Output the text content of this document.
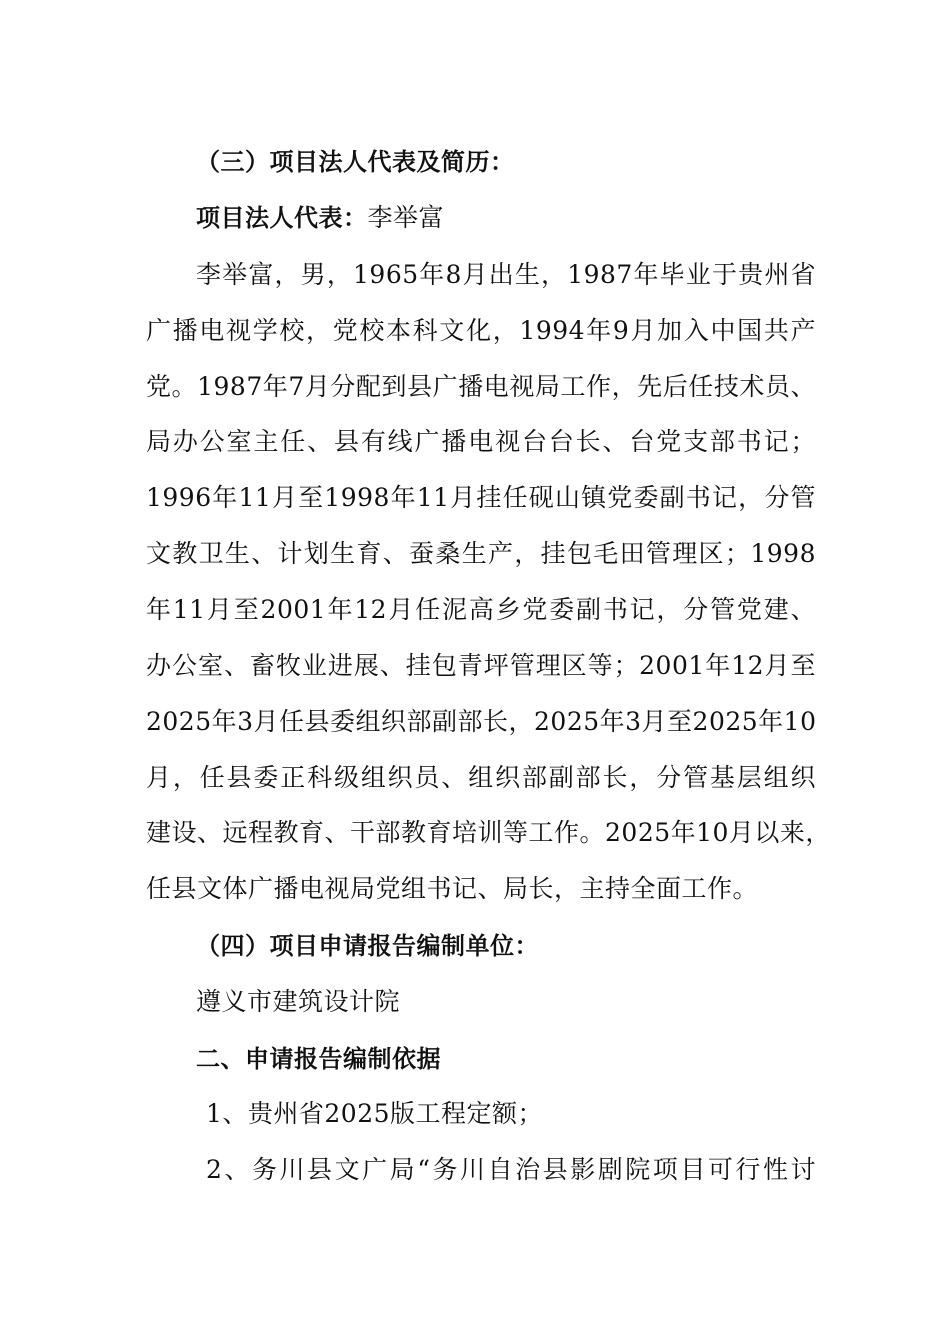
（三）项目法人代表及简历：
项目法人代表：李举富
李举富，男，1965年8月出生，1987年毕业于贵州省
广播电视学校，党校本科文化，1994年9月加入中国共产
党。1987年7月分配到县广播电视局工作，先后任技术员、
局办公室主任、县有线广播电视台台长、台党支部书记；
1996年11月至1998年11月挂任砚山镇党委副书记，分管
文教卫生、计划生育、蚕桑生产，挂包毛田管理区；1998
年11月至2001年12月任泥高乡党委副书记，分管党建、
办公室、畜牧业进展、挂包青坪管理区等；2001年12月至
2025年3月任县委组织部副部长，2025年3月至2025年10
月，任县委正科级组织员、组织部副部长，分管基层组织
建设、远程教育、干部教育培训等工作。2025年10月以来，
任县文体广播电视局党组书记、局长，主持全面工作。
（四）项目申请报告编制单位：
遵义市建筑设计院
二、申请报告编制依据
1、贵州省2025版工程定额；
2、务川县文广局“务川自治县影剧院项目可行性讨
